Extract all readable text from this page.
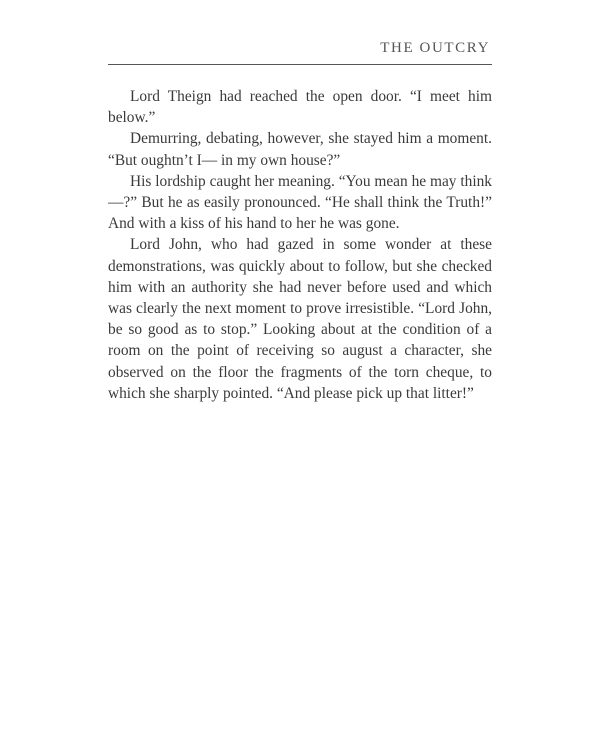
THE OUTCRY

Lord Theign had reached the open door. “I meet him below.”

Demurring, debating, however, she stayed him a moment. “But oughtn’t I— in my own house?”

His lordship caught her meaning. “You mean he may think —?” But he as easily pronounced. “He shall think the Truth!” And with a kiss of his hand to her he was gone.

Lord John, who had gazed in some wonder at these demonstrations, was quickly about to follow, but she checked him with an authority she had never before used and which was clearly the next moment to prove irresistible. “Lord John, be so good as to stop.” Looking about at the condition of a room on the point of receiving so august a character, she observed on the floor the fragments of the torn cheque, to which she sharply pointed. “And please pick up that litter!”
